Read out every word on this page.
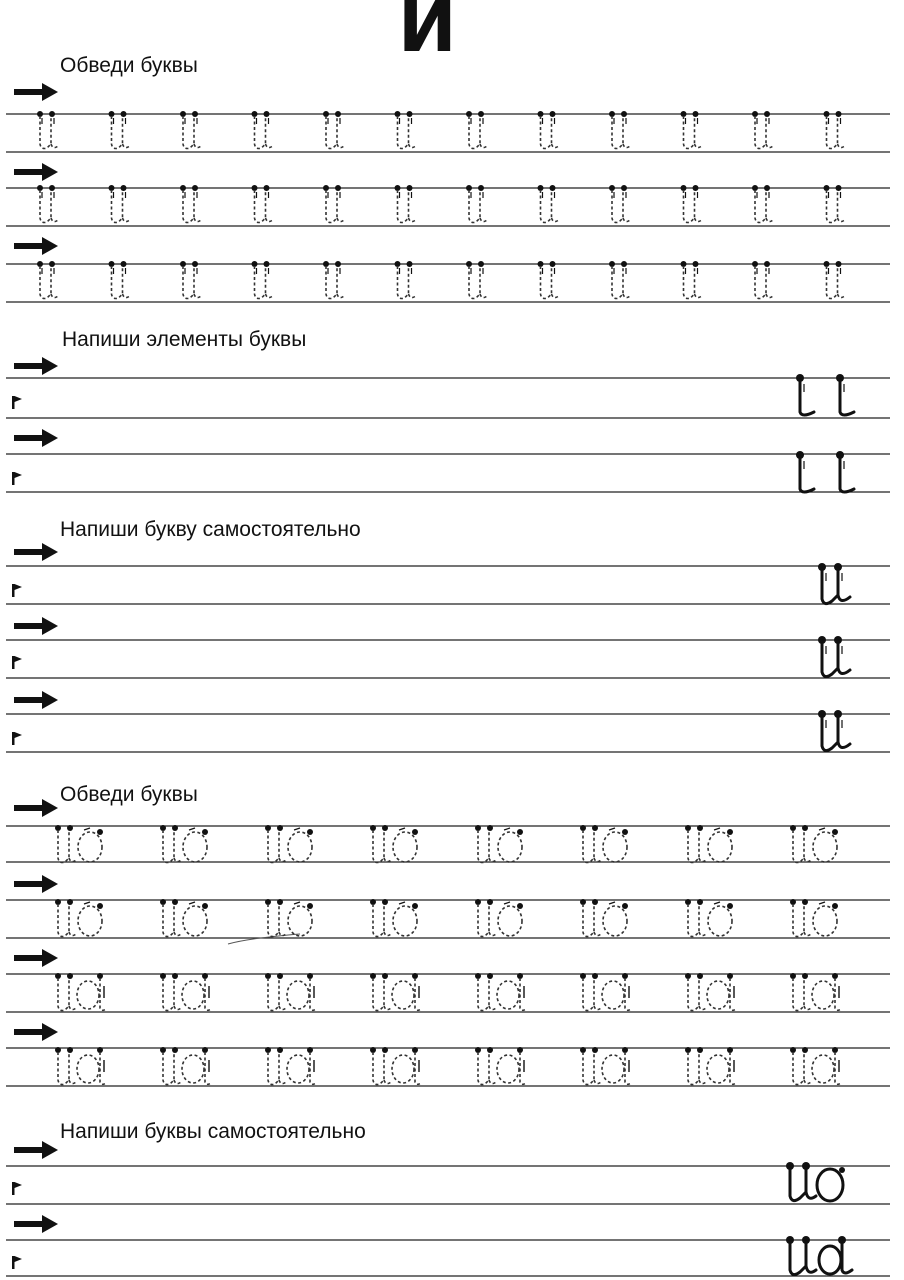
И
Обведи буквы
Напиши элементы буквы
Напиши букву самостоятельно
Обведи буквы
Напиши буквы самостоятельно
